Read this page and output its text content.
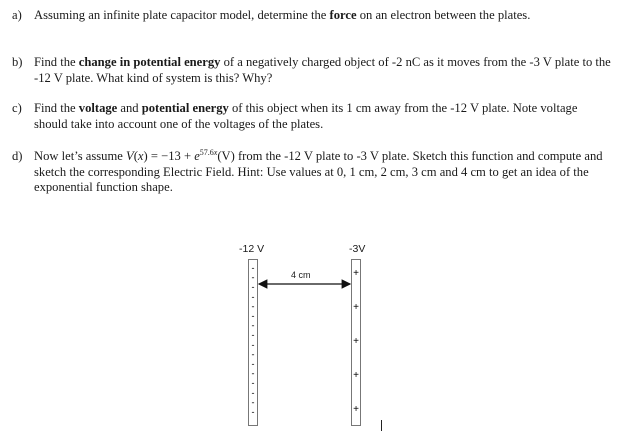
a) Assuming an infinite plate capacitor model, determine the force on an electron between the plates.
b) Find the change in potential energy of a negatively charged object of -2 nC as it moves from the -3 V plate to the -12 V plate. What kind of system is this? Why?
c) Find the voltage and potential energy of this object when its 1 cm away from the -12 V plate. Note voltage should take into account one of the voltages of the plates.
d) Now let’s assume $V(x) = -13 + e^{57.6x}(V)$ from the -12 V plate to -3 V plate. Sketch this function and compute and sketch the corresponding Electric Field. Hint: Use values at 0, 1 cm, 2 cm, 3 cm and 4 cm to get an idea of the exponential function shape.
-12 V	-3V
4 cm
-
-
-
-
-
-
-
-
-
-
-
-
-
-
-
-
+
+
+
+
+
